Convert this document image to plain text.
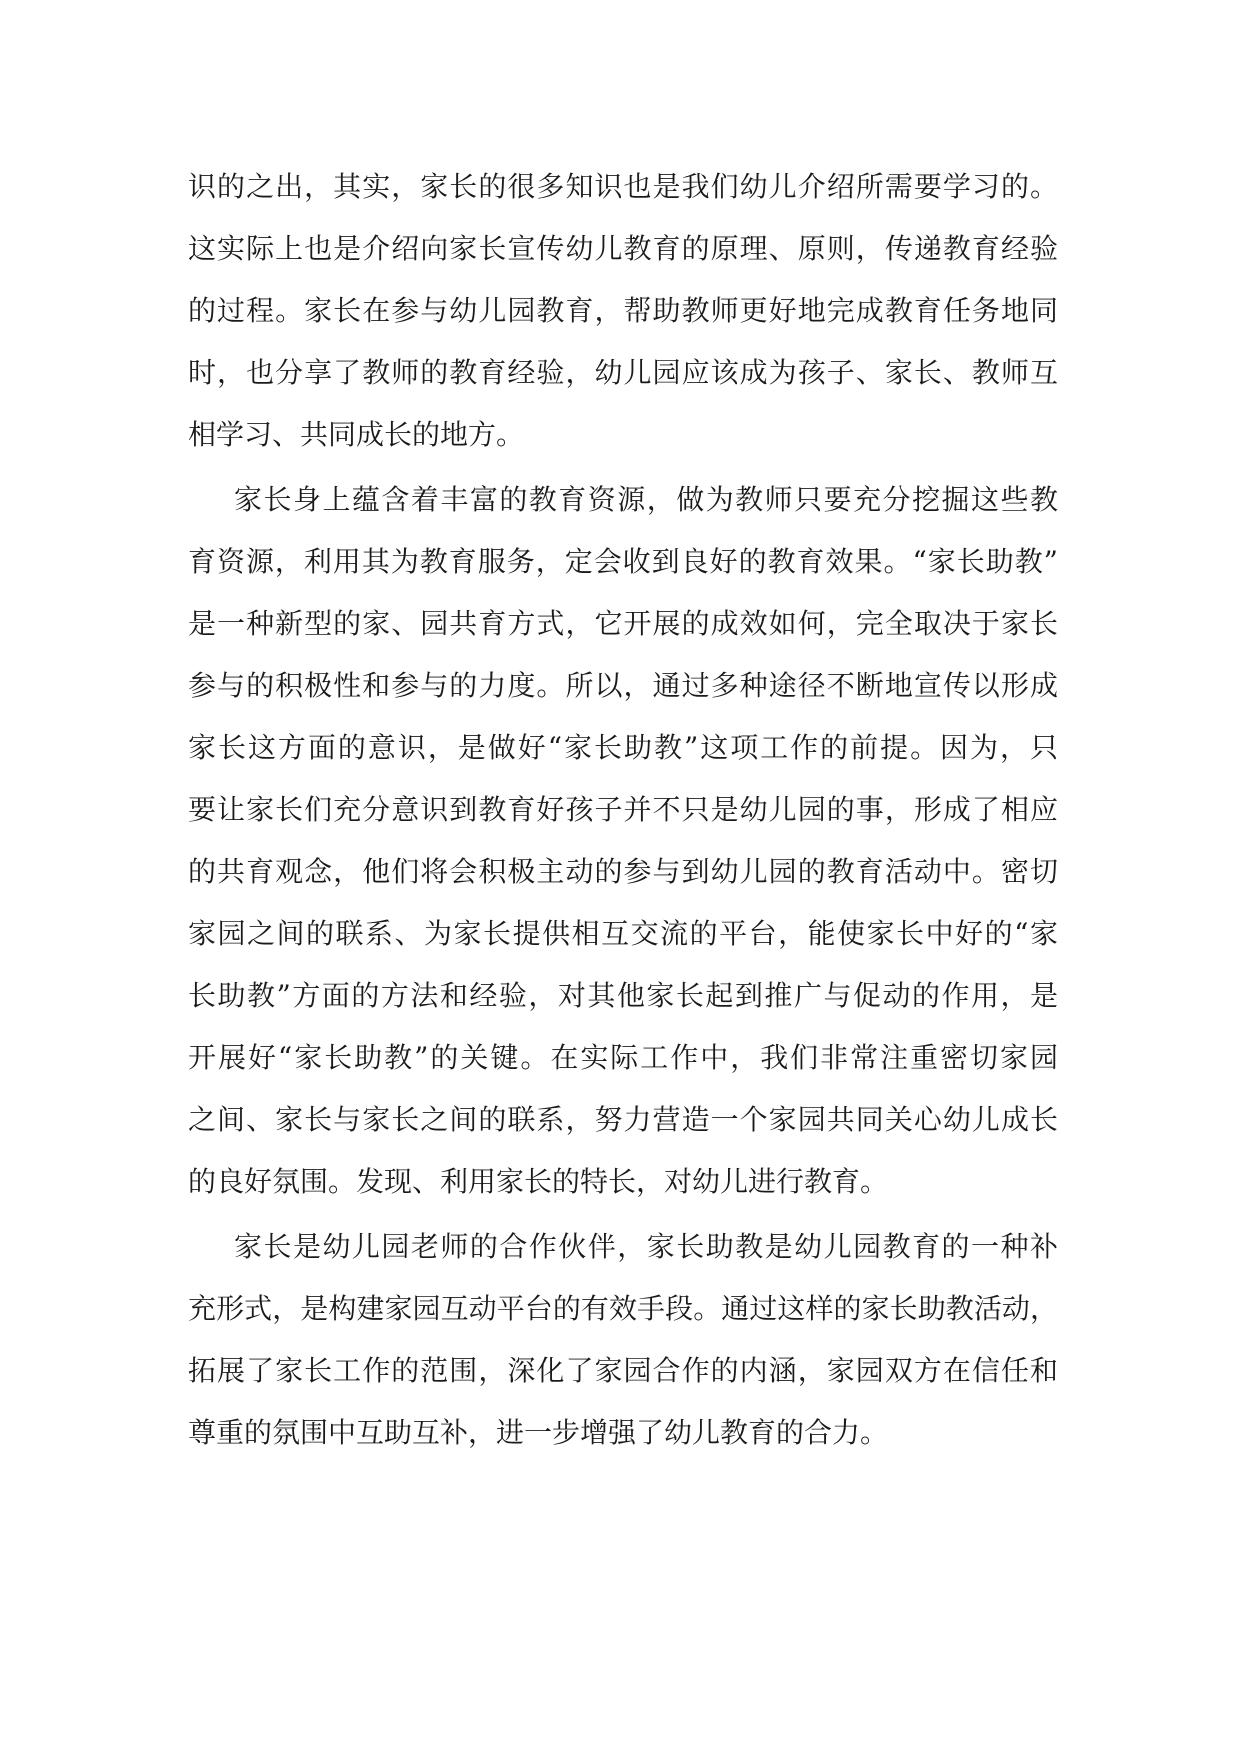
识的之出，其实，家长的很多知识也是我们幼儿介绍所需要学习的。
这实际上也是介绍向家长宣传幼儿教育的原理、原则，传递教育经验
的过程。家长在参与幼儿园教育，帮助教师更好地完成教育任务地同
时，也分享了教师的教育经验，幼儿园应该成为孩子、家长、教师互
相学习、共同成长的地方。
家长身上蕴含着丰富的教育资源，做为教师只要充分挖掘这些教
育资源，利用其为教育服务，定会收到良好的教育效果。“家长助教”
是一种新型的家、园共育方式，它开展的成效如何，完全取决于家长
参与的积极性和参与的力度。所以，通过多种途径不断地宣传以形成
家长这方面的意识，是做好“家长助教”这项工作的前提。因为，只
要让家长们充分意识到教育好孩子并不只是幼儿园的事，形成了相应
的共育观念，他们将会积极主动的参与到幼儿园的教育活动中。密切
家园之间的联系、为家长提供相互交流的平台，能使家长中好的“家
长助教”方面的方法和经验，对其他家长起到推广与促动的作用，是
开展好“家长助教”的关键。在实际工作中，我们非常注重密切家园
之间、家长与家长之间的联系，努力营造一个家园共同关心幼儿成长
的良好氛围。发现、利用家长的特长，对幼儿进行教育。
家长是幼儿园老师的合作伙伴，家长助教是幼儿园教育的一种补
充形式，是构建家园互动平台的有效手段。通过这样的家长助教活动，
拓展了家长工作的范围，深化了家园合作的内涵，家园双方在信任和
尊重的氛围中互助互补，进一步增强了幼儿教育的合力。
